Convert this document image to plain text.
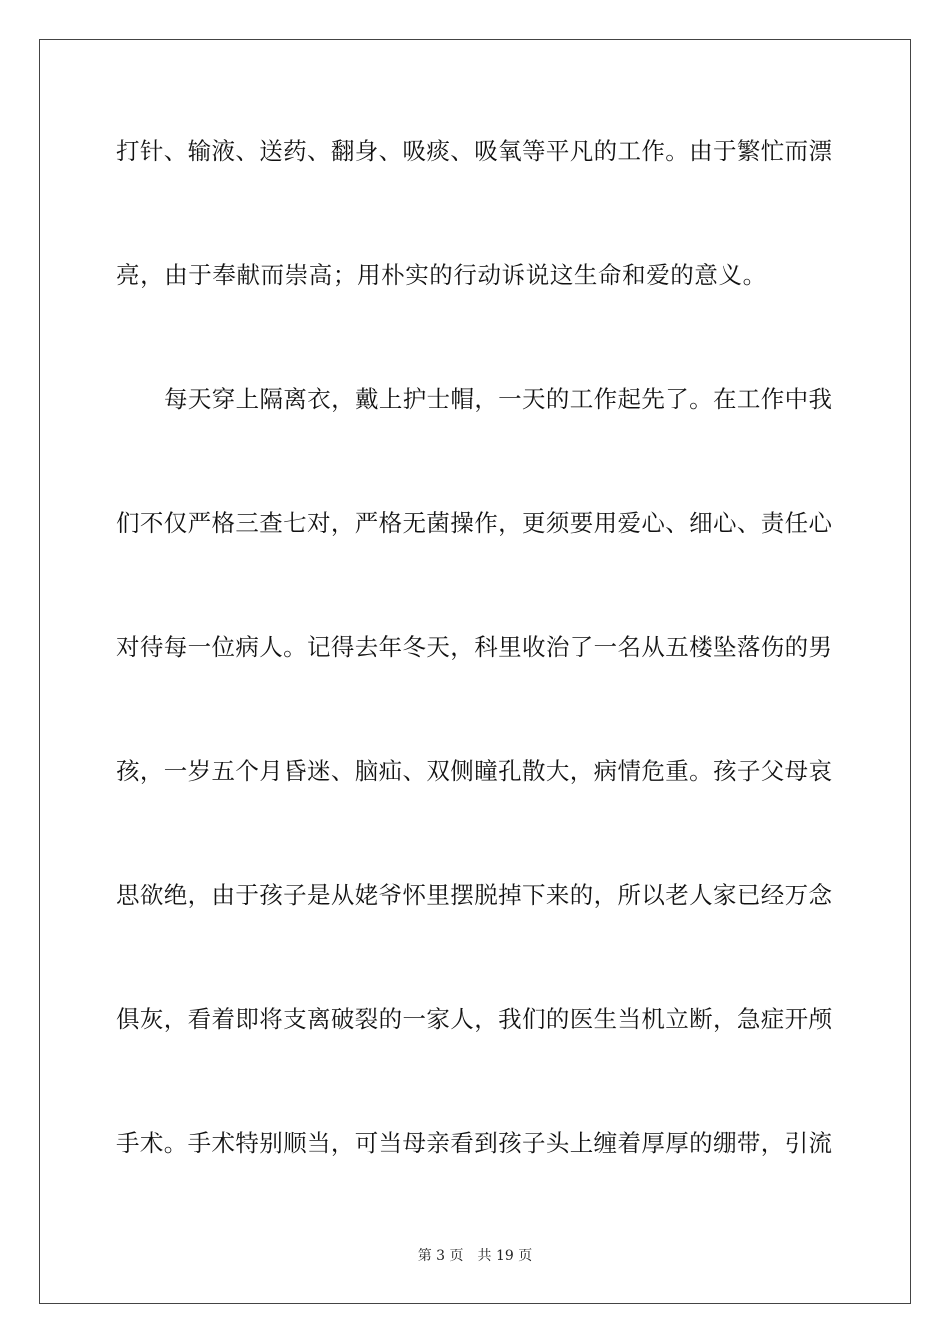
打针、输液、送药、翻身、吸痰、吸氧等平凡的工作。由于繁忙而漂
亮，由于奉献而崇高；用朴实的行动诉说这生命和爱的意义。
每天穿上隔离衣，戴上护士帽，一天的工作起先了。在工作中我
们不仅严格三查七对，严格无菌操作，更须要用爱心、细心、责任心
对待每一位病人。记得去年冬天，科里收治了一名从五楼坠落伤的男
孩，一岁五个月昏迷、脑疝、双侧瞳孔散大，病情危重。孩子父母哀
思欲绝，由于孩子是从姥爷怀里摆脱掉下来的，所以老人家已经万念
俱灰，看着即将支离破裂的一家人，我们的医生当机立断，急症开颅
手术。手术特别顺当，可当母亲看到孩子头上缠着厚厚的绷带，引流
第 3 页 共 19 页
